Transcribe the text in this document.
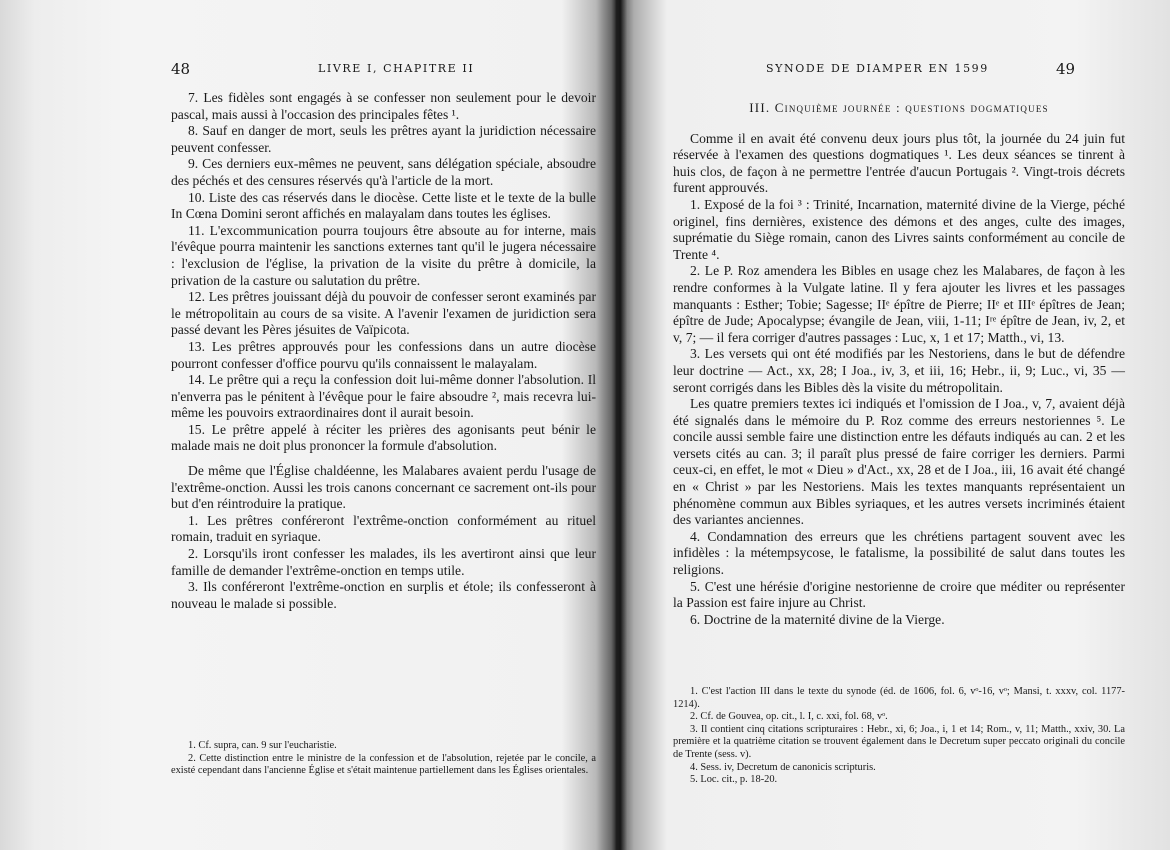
48	LIVRE I, CHAPITRE II

7. Les fidèles sont engagés à se confesser non seulement pour le devoir pascal, mais aussi à l'occasion des principales fêtes ¹.

8. Sauf en danger de mort, seuls les prêtres ayant la juridiction nécessaire peuvent confesser.

9. Ces derniers eux-mêmes ne peuvent, sans délégation spéciale, absoudre des péchés et des censures réservés qu'à l'article de la mort.

10. Liste des cas réservés dans le diocèse. Cette liste et le texte de la bulle In Cœna Domini seront affichés en malayalam dans toutes les églises.

11. L'excommunication pourra toujours être absoute au for interne, mais l'évêque pourra maintenir les sanctions externes tant qu'il le jugera nécessaire : l'exclusion de l'église, la privation de la visite du prêtre à domicile, la privation de la casture ou salutation du prêtre.

12. Les prêtres jouissant déjà du pouvoir de confesser seront examinés par le métropolitain au cours de sa visite. A l'avenir l'examen de juridiction sera passé devant les Pères jésuites de Vaïpicota.

13. Les prêtres approuvés pour les confessions dans un autre diocèse pourront confesser d'office pourvu qu'ils connaissent le malayalam.

14. Le prêtre qui a reçu la confession doit lui-même donner l'absolution. Il n'enverra pas le pénitent à l'évêque pour le faire absoudre ², mais recevra lui-même les pouvoirs extraordinaires dont il aurait besoin.

15. Le prêtre appelé à réciter les prières des agonisants peut bénir le malade mais ne doit plus prononcer la formule d'absolution.

De même que l'Église chaldéenne, les Malabares avaient perdu l'usage de l'extrême-onction. Aussi les trois canons concernant ce sacrement ont-ils pour but d'en réintroduire la pratique.

1. Les prêtres conféreront l'extrême-onction conformément au rituel romain, traduit en syriaque.

2. Lorsqu'ils iront confesser les malades, ils les avertiront ainsi que leur famille de demander l'extrême-onction en temps utile.

3. Ils conféreront l'extrême-onction en surplis et étole; ils confesseront à nouveau le malade si possible.

1. Cf. supra, can. 9 sur l'eucharistie.

2. Cette distinction entre le ministre de la confession et de l'absolution, rejetée par le concile, a existé cependant dans l'ancienne Église et s'était maintenue partiellement dans les Églises orientales.

49
SYNODE DE DIAMPER EN 1599

III. Cinquième journée : questions dogmatiques

Comme il en avait été convenu deux jours plus tôt, la journée du 24 juin fut réservée à l'examen des questions dogmatiques ¹. Les deux séances se tinrent à huis clos, de façon à ne permettre l'entrée d'aucun Portugais ². Vingt-trois décrets furent approuvés.

1. Exposé de la foi ³ : Trinité, Incarnation, maternité divine de la Vierge, péché originel, fins dernières, existence des démons et des anges, culte des images, suprématie du Siège romain, canon des Livres saints conformément au concile de Trente ⁴.

2. Le P. Roz amendera les Bibles en usage chez les Malabares, de façon à les rendre conformes à la Vulgate latine. Il y fera ajouter les livres et les passages manquants : Esther; Tobie; Sagesse; IIᵉ épître de Pierre; IIᵉ et IIIᵉ épîtres de Jean; épître de Jude; Apocalypse; évangile de Jean, viii, 1-11; Iʳᵉ épître de Jean, iv, 2, et v, 7; — il fera corriger d'autres passages : Luc, x, 1 et 17; Matth., vi, 13.

3. Les versets qui ont été modifiés par les Nestoriens, dans le but de défendre leur doctrine — Act., xx, 28; I Joa., iv, 3, et iii, 16; Hebr., ii, 9; Luc., vi, 35 — seront corrigés dans les Bibles dès la visite du métropolitain.

Les quatre premiers textes ici indiqués et l'omission de I Joa., v, 7, avaient déjà été signalés dans le mémoire du P. Roz comme des erreurs nestoriennes ⁵. Le concile aussi semble faire une distinction entre les défauts indiqués au can. 2 et les versets cités au can. 3; il paraît plus pressé de faire corriger les derniers. Parmi ceux-ci, en effet, le mot « Dieu » d'Act., xx, 28 et de I Joa., iii, 16 avait été changé en « Christ » par les Nestoriens. Mais les textes manquants représentaient un phénomène commun aux Bibles syriaques, et les autres versets incriminés étaient des variantes anciennes.

4. Condamnation des erreurs que les chrétiens partagent souvent avec les infidèles : la métempsycose, le fatalisme, la possibilité de salut dans toutes les religions.

5. C'est une hérésie d'origine nestorienne de croire que méditer ou représenter la Passion est faire injure au Christ.

6. Doctrine de la maternité divine de la Vierge.

1. C'est l'action III dans le texte du synode (éd. de 1606, fol. 6, vᵒ-16, vᵒ; Mansi, t. xxxv, col. 1177-1214).

2. Cf. de Gouvea, op. cit., l. I, c. xxi, fol. 68, vᵒ.

3. Il contient cinq citations scripturaires : Hebr., xi, 6; Joa., i, 1 et 14; Rom., v, 11; Matth., xxiv, 30. La première et la quatrième citation se trouvent également dans le Decretum super peccato originali du concile de Trente (sess. v).

4. Sess. iv, Decretum de canonicis scripturis.

5. Loc. cit., p. 18-20.
